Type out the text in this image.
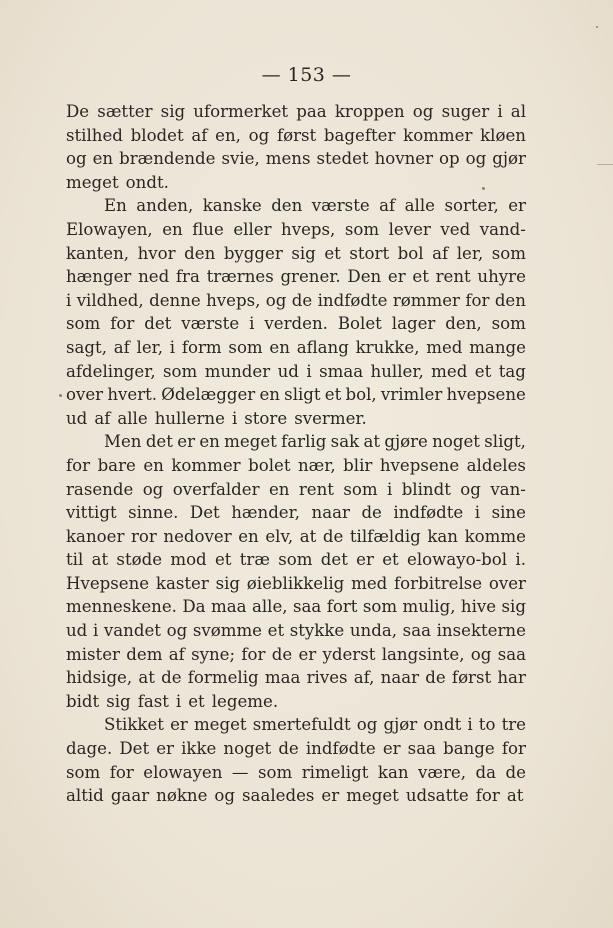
— 153 —
De sætter sig uformerket paa kroppen og suger i al
stilhed blodet af en, og først bagefter kommer kløen
og en brændende svie, mens stedet hovner op og gjør
meget ondt.
En anden, kanske den værste af alle sorter, er
Elowayen, en flue eller hveps, som lever ved vand-
kanten, hvor den bygger sig et stort bol af ler, som
hænger ned fra trærnes grener. Den er et rent uhyre
i vildhed, denne hveps, og de indfødte rømmer for den
som for det værste i verden. Bolet lager den, som
sagt, af ler, i form som en aflang krukke, med mange
afdelinger, som munder ud i smaa huller, med et tag
over hvert. Ødelægger en sligt et bol, vrimler hvepsene
ud af alle hullerne i store svermer.
Men det er en meget farlig sak at gjøre noget sligt,
for bare en kommer bolet nær, blir hvepsene aldeles
rasende og overfalder en rent som i blindt og van-
vittigt sinne. Det hænder, naar de indfødte i sine
kanoer ror nedover en elv, at de tilfældig kan komme
til at støde mod et træ som det er et elowayo-bol i.
Hvepsene kaster sig øieblikkelig med forbitrelse over
menneskene. Da maa alle, saa fort som mulig, hive sig
ud i vandet og svømme et stykke unda, saa insekterne
mister dem af syne; for de er yderst langsinte, og saa
hidsige, at de formelig maa rives af, naar de først har
bidt sig fast i et legeme.
Stikket er meget smertefuldt og gjør ondt i to tre
dage. Det er ikke noget de indfødte er saa bange for
som for elowayen — som rimeligt kan være, da de
altid gaar nøkne og saaledes er meget udsatte for at
